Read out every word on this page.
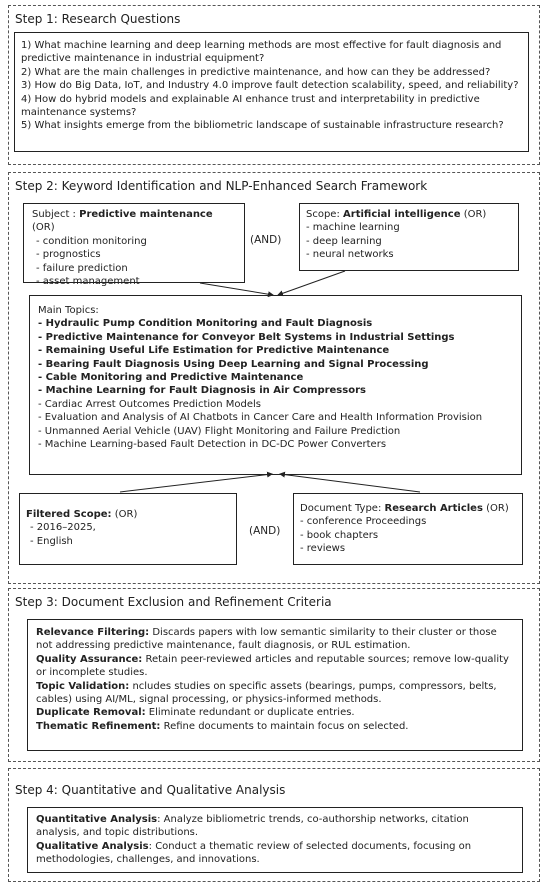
Step 1: Research Questions
1) What machine learning and deep learning methods are most effective for fault diagnosis and predictive maintenance in industrial equipment?
2) What are the main challenges in predictive maintenance, and how can they be addressed?
3) How do Big Data, IoT, and Industry 4.0 improve fault detection scalability, speed, and reliability?
4) How do hybrid models and explainable AI enhance trust and interpretability in predictive maintenance systems?
5) What insights emerge from the bibliometric landscape of sustainable infrastructure research?
Step 2: Keyword Identification and NLP-Enhanced Search Framework
Subject : Predictive maintenance (OR)
- condition monitoring
- prognostics
- failure prediction
- asset management
(AND)
Scope: Artificial intelligence (OR)
- machine learning
- deep learning
- neural networks
Main Topics:
- Hydraulic Pump Condition Monitoring and Fault Diagnosis
- Predictive Maintenance for Conveyor Belt Systems in Industrial Settings
- Remaining Useful Life Estimation for Predictive Maintenance
- Bearing Fault Diagnosis Using Deep Learning and Signal Processing
- Cable Monitoring and Predictive Maintenance
- Machine Learning for Fault Diagnosis in Air Compressors
- Cardiac Arrest Outcomes Prediction Models
- Evaluation and Analysis of AI Chatbots in Cancer Care and Health Information Provision
- Unmanned Aerial Vehicle (UAV) Flight Monitoring and Failure Prediction
- Machine Learning-based Fault Detection in DC-DC Power Converters
Filtered Scope: (OR)
- 2016–2025,
- English
(AND)
Document Type: Research Articles (OR)
- conference Proceedings
- book chapters
- reviews
Step 3: Document Exclusion and Refinement Criteria
Relevance Filtering: Discards papers with low semantic similarity to their cluster or those not addressing predictive maintenance, fault diagnosis, or RUL estimation.
Quality Assurance: Retain peer-reviewed articles and reputable sources; remove low-quality or incomplete studies.
Topic Validation: ncludes studies on specific assets (bearings, pumps, compressors, belts, cables) using AI/ML, signal processing, or physics-informed methods.
Duplicate Removal: Eliminate redundant or duplicate entries.
Thematic Refinement: Refine documents to maintain focus on selected.
Step 4: Quantitative and Qualitative Analysis
Quantitative Analysis: Analyze bibliometric trends, co-authorship networks, citation analysis, and topic distributions.
Qualitative Analysis: Conduct a thematic review of selected documents, focusing on methodologies, challenges, and innovations.
